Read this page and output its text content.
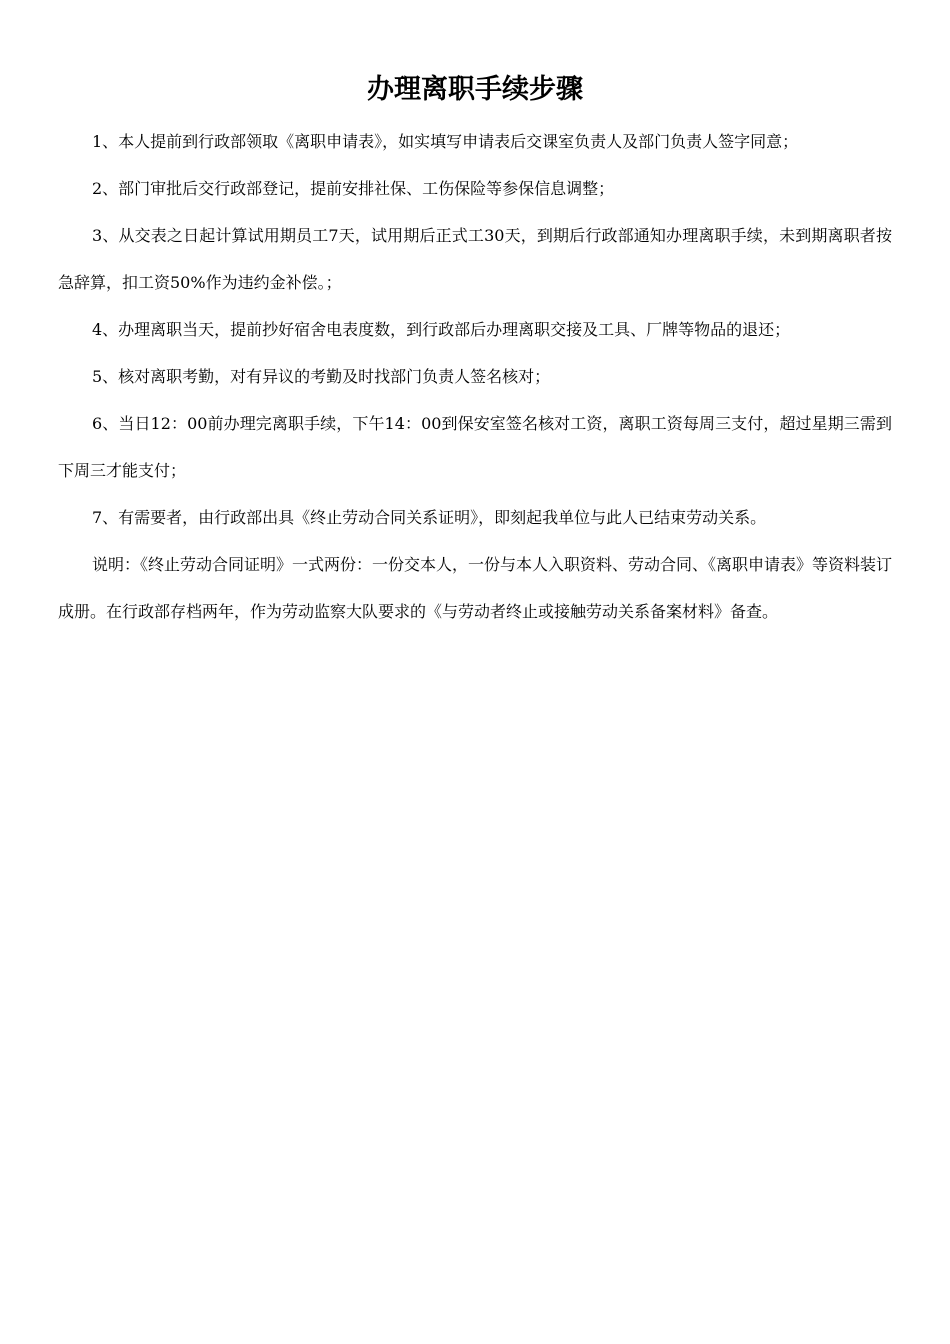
办理离职手续步骤

1、本人提前到行政部领取《离职申请表》，如实填写申请表后交课室负责人及部门负责人签字同意；

2、部门审批后交行政部登记，提前安排社保、工伤保险等参保信息调整；

3、从交表之日起计算试用期员工7天，试用期后正式工30天，到期后行政部通知办理离职手续，未到期离职者按急辞算，扣工资50%作为违约金补偿。；

4、办理离职当天，提前抄好宿舍电表度数，到行政部后办理离职交接及工具、厂牌等物品的退还；

5、核对离职考勤，对有异议的考勤及时找部门负责人签名核对；

6、当日12：00前办理完离职手续，下午14：00到保安室签名核对工资，离职工资每周三支付，超过星期三需到下周三才能支付；

7、有需要者，由行政部出具《终止劳动合同关系证明》，即刻起我单位与此人已结束劳动关系。

说明：《终止劳动合同证明》一式两份：一份交本人，一份与本人入职资料、劳动合同、《离职申请表》等资料装订成册。在行政部存档两年，作为劳动监察大队要求的《与劳动者终止或接触劳动关系备案材料》备查。
